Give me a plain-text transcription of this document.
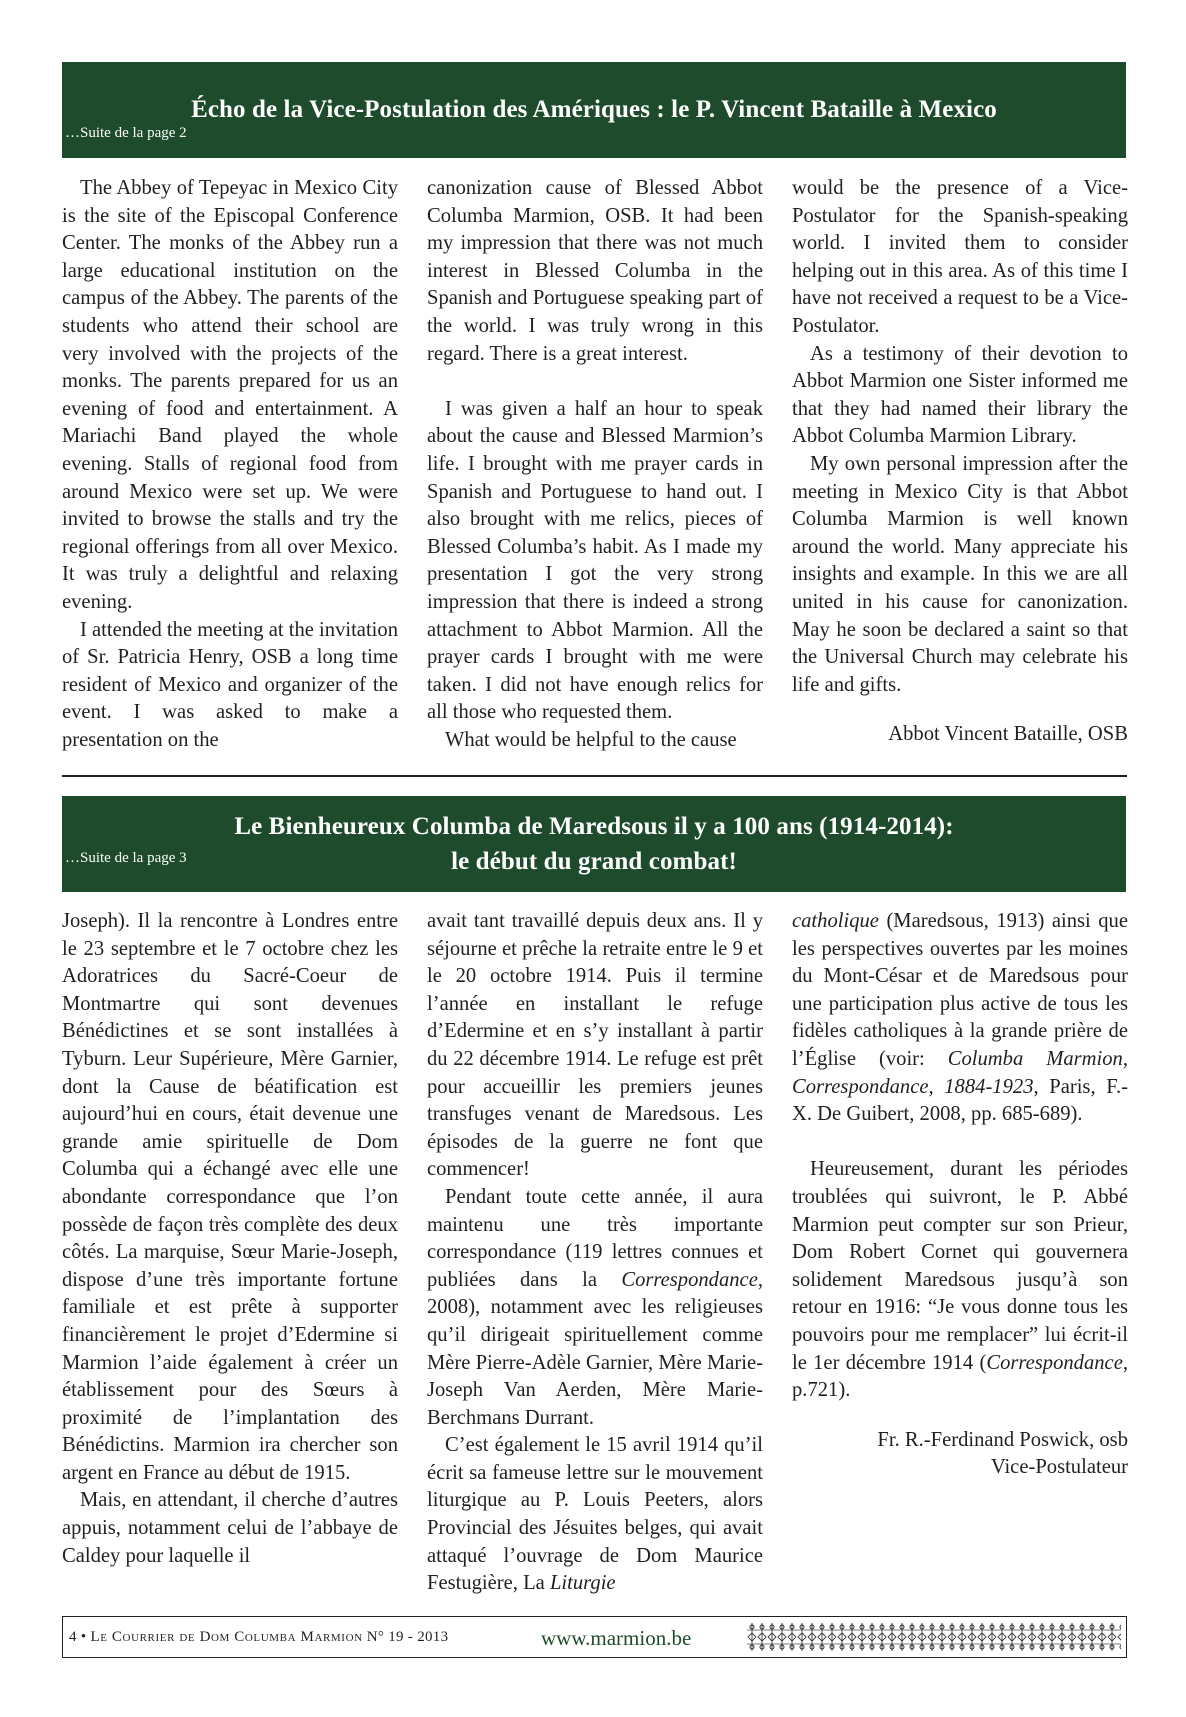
Écho de la Vice-Postulation des Amériques : le P. Vincent Bataille à Mexico
…Suite de la page 2

The Abbey of Tepeyac in Mexico City is the site of the Episcopal Conference Center. The monks of the Abbey run a large educational institution on the campus of the Abbey. The parents of the students who attend their school are very involved with the projects of the monks. The parents prepared for us an evening of food and entertainment. A Mariachi Band played the whole evening. Stalls of regional food from around Mexico were set up. We were invited to browse the stalls and try the regional offerings from all over Mexico. It was truly a delightful and relaxing evening.

I attended the meeting at the invitation of Sr. Patricia Henry, OSB a long time resident of Mexico and organizer of the event. I was asked to make a presentation on the

canonization cause of Blessed Abbot Columba Marmion, OSB. It had been my impression that there was not much interest in Blessed Columba in the Spanish and Portuguese speaking part of the world. I was truly wrong in this regard. There is a great interest.

I was given a half an hour to speak about the cause and Blessed Marmion’s life. I brought with me prayer cards in Spanish and Portuguese to hand out. I also brought with me relics, pieces of Blessed Columba’s habit. As I made my presentation I got the very strong impression that there is indeed a strong attachment to Abbot Marmion. All the prayer cards I brought with me were taken. I did not have enough relics for all those who requested them.

What would be helpful to the cause

would be the presence of a Vice-Postulator for the Spanish-speaking world. I invited them to consider helping out in this area. As of this time I have not received a request to be a Vice-Postulator.

As a testimony of their devotion to Abbot Marmion one Sister informed me that they had named their library the Abbot Columba Marmion Library.

My own personal impression after the meeting in Mexico City is that Abbot Columba Marmion is well known around the world. Many appreciate his insights and example. In this we are all united in his cause for canonization. May he soon be declared a saint so that the Universal Church may celebrate his life and gifts.

Abbot Vincent Bataille, OSB

Le Bienheureux Columba de Maredsous il y a 100 ans (1914-2014):
le début du grand combat!
…Suite de la page 3

Joseph). Il la rencontre à Londres entre le 23 septembre et le 7 octobre chez les Adoratrices du Sacré-Coeur de Montmartre qui sont devenues Bénédictines et se sont installées à Tyburn. Leur Supérieure, Mère Garnier, dont la Cause de béatification est aujourd’hui en cours, était devenue une grande amie spirituelle de Dom Columba qui a échangé avec elle une abondante correspondance que l’on possède de façon très complète des deux côtés. La marquise, Sœur Marie-Joseph, dispose d’une très importante fortune familiale et est prête à supporter financièrement le projet d’Edermine si Marmion l’aide également à créer un établissement pour des Sœurs à proximité de l’implantation des Bénédictins. Marmion ira chercher son argent en France au début de 1915.

Mais, en attendant, il cherche d’autres appuis, notamment celui de l’abbaye de Caldey pour laquelle il

avait tant travaillé depuis deux ans. Il y séjourne et prêche la retraite entre le 9 et le 20 octobre 1914. Puis il termine l’année en installant le refuge d’Edermine et en s’y installant à partir du 22 décembre 1914. Le refuge est prêt pour accueillir les premiers jeunes transfuges venant de Maredsous. Les épisodes de la guerre ne font que commencer!

Pendant toute cette année, il aura maintenu une très importante correspondance (119 lettres connues et publiées dans la Correspondance, 2008), notamment avec les religieuses qu’il dirigeait spirituellement comme Mère Pierre-Adèle Garnier, Mère Marie-Joseph Van Aerden, Mère Marie-Berchmans Durrant.

C’est également le 15 avril 1914 qu’il écrit sa fameuse lettre sur le mouvement liturgique au P. Louis Peeters, alors Provincial des Jésuites belges, qui avait attaqué l’ouvrage de Dom Maurice Festugière, La Liturgie

catholique (Maredsous, 1913) ainsi que les perspectives ouvertes par les moines du Mont-César et de Maredsous pour une participation plus active de tous les fidèles catholiques à la grande prière de l’Église (voir: Columba Marmion, Correspondance, 1884-1923, Paris, F.-X. De Guibert, 2008, pp. 685-689).

Heureusement, durant les périodes troublées qui suivront, le P. Abbé Marmion peut compter sur son Prieur, Dom Robert Cornet qui gouvernera solidement Maredsous jusqu’à son retour en 1916: “Je vous donne tous les pouvoirs pour me remplacer” lui écrit-il le 1er décembre 1914 (Correspondance, p.721).

Fr. R.-Ferdinand Poswick, osb

Vice-Postulateur

4 • Le Courrier de Dom Columba Marmion N° 19 - 2013	www.marmion.be
